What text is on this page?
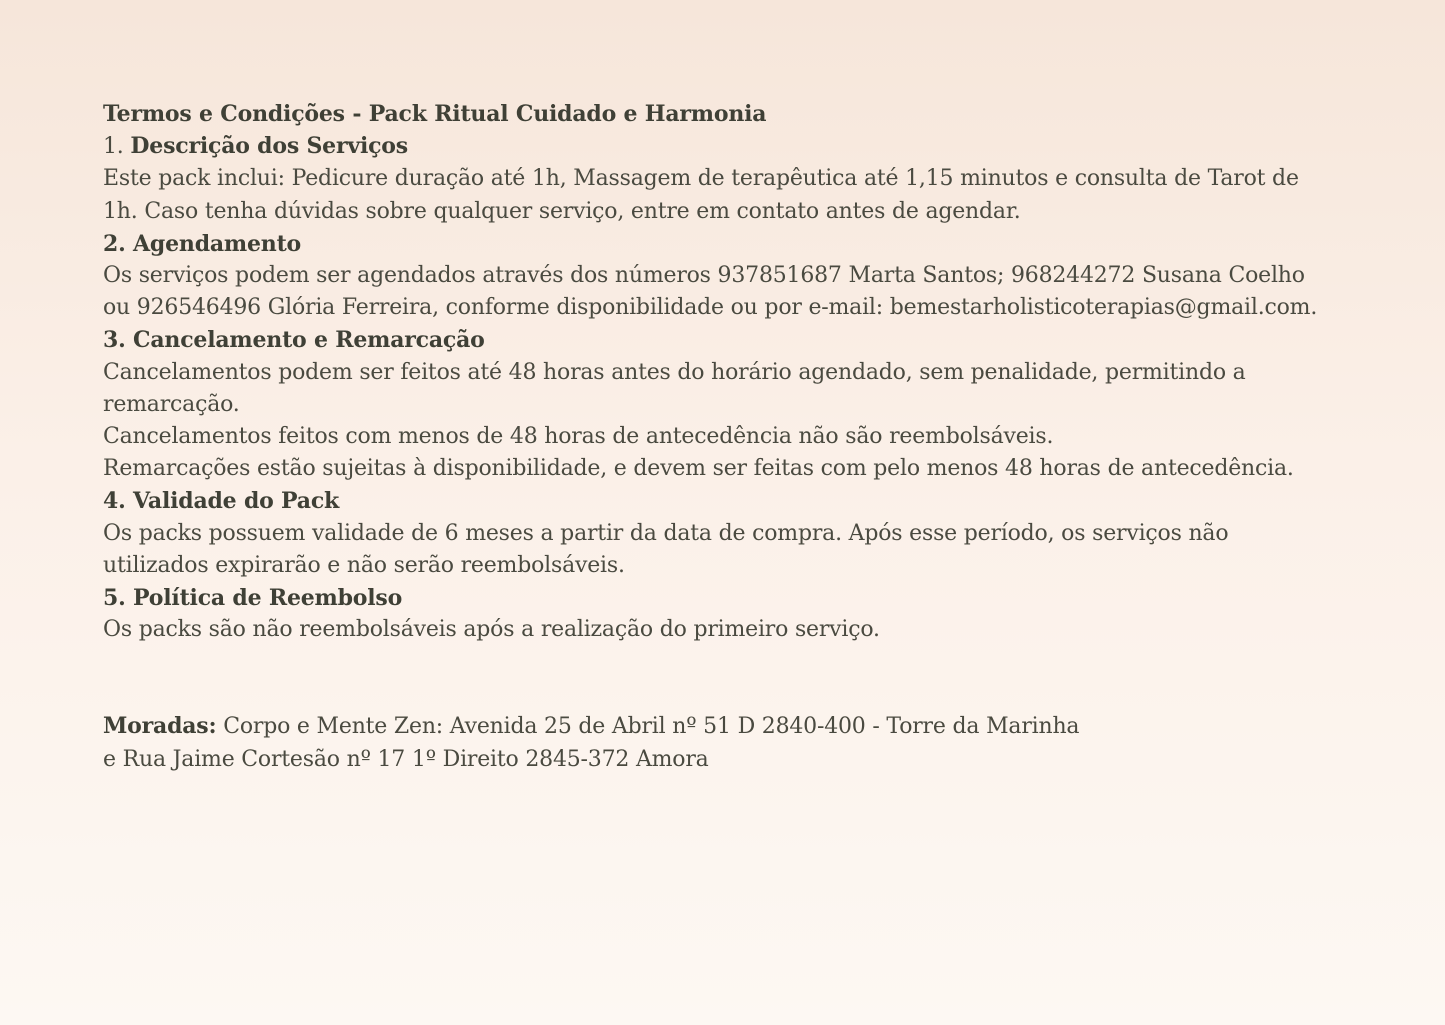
Termos e Condições - Pack Ritual Cuidado e Harmonia

1. Descrição dos Serviços

Este pack inclui: Pedicure duração até 1h, Massagem de terapêutica até 1,15 minutos e consulta de Tarot de 1h. Caso tenha dúvidas sobre qualquer serviço, entre em contato antes de agendar.

2. Agendamento

Os serviços podem ser agendados através dos números 937851687 Marta Santos; 968244272 Susana Coelho ou 926546496 Glória Ferreira, conforme disponibilidade ou por e-mail: bemestarholisticoterapias@gmail.com.

3. Cancelamento e Remarcação

Cancelamentos podem ser feitos até 48 horas antes do horário agendado, sem penalidade, permitindo a remarcação.

Cancelamentos feitos com menos de 48 horas de antecedência não são reembolsáveis.

Remarcações estão sujeitas à disponibilidade, e devem ser feitas com pelo menos 48 horas de antecedência.

4. Validade do Pack

Os packs possuem validade de 6 meses a partir da data de compra. Após esse período, os serviços não utilizados expirarão e não serão reembolsáveis.

5. Política de Reembolso

Os packs são não reembolsáveis após a realização do primeiro serviço.

Moradas: Corpo e Mente Zen: Avenida 25 de Abril nº 51 D 2840-400 - Torre da Marinha

e Rua Jaime Cortesão nº 17 1º Direito 2845-372 Amora
